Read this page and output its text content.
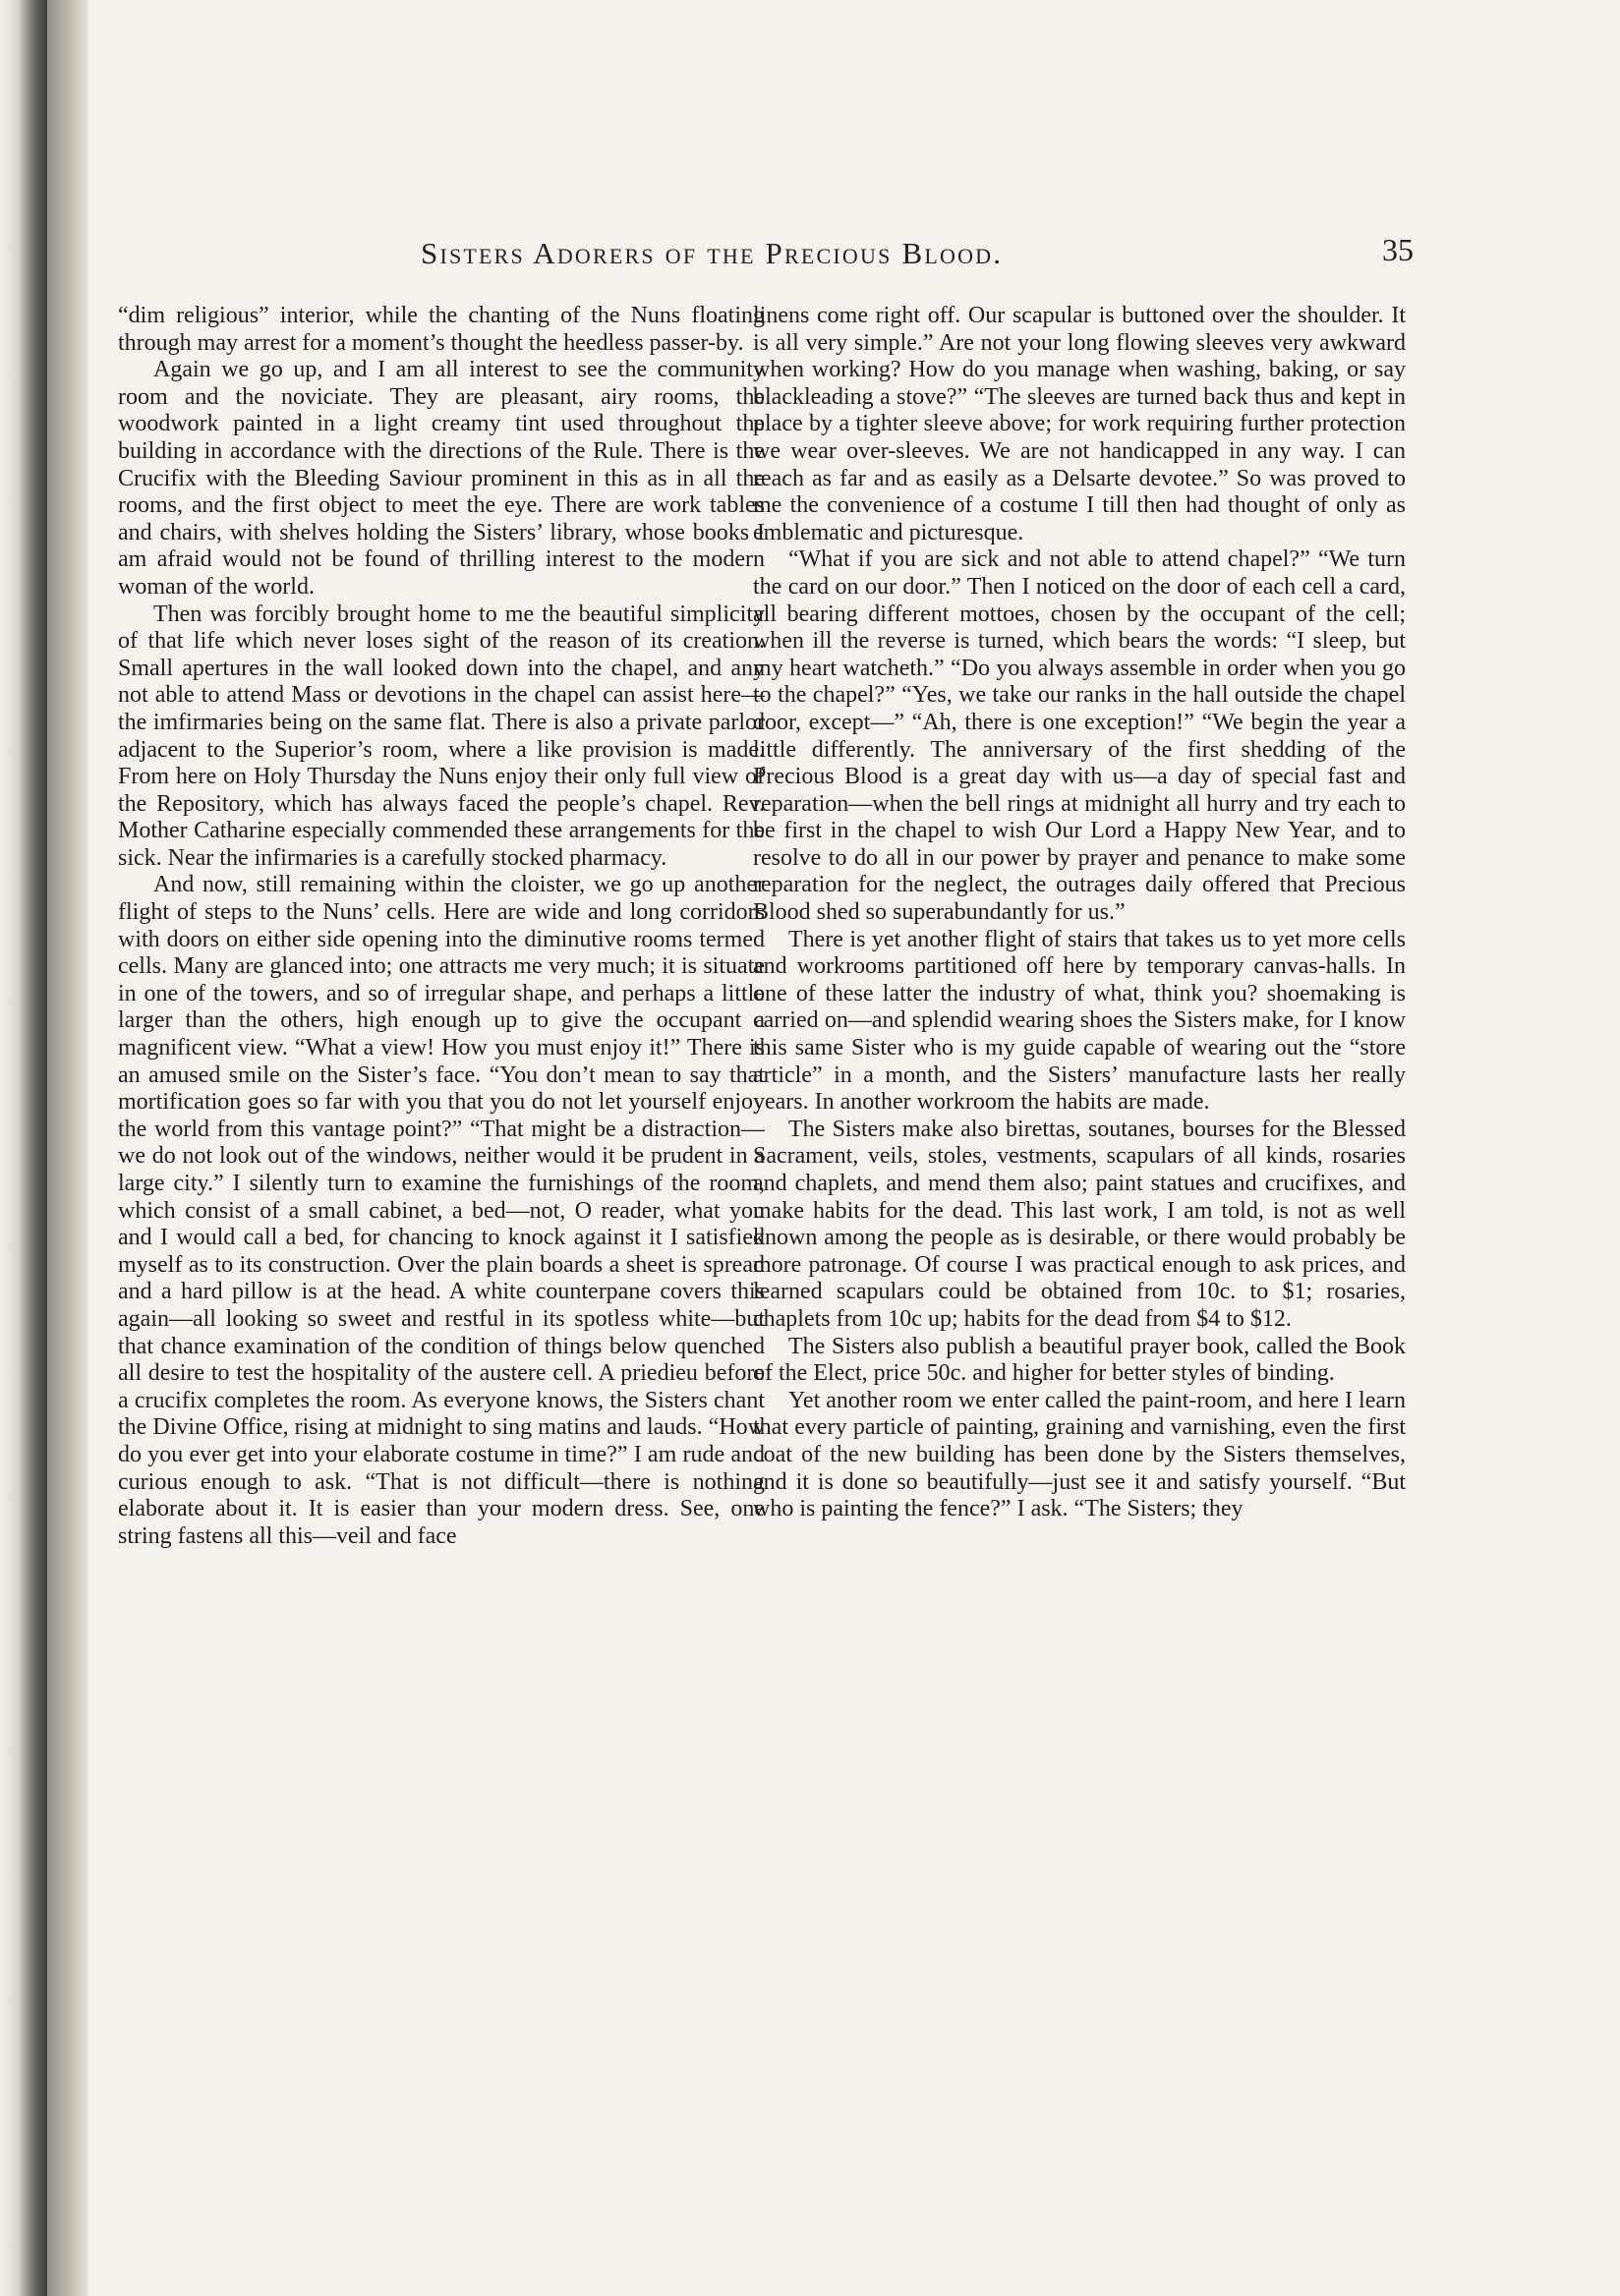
Sisters Adorers of the Precious Blood.	35

“dim religious” interior, while the chanting of the Nuns floating through may arrest for a moment’s thought the heedless passer-by.

Again we go up, and I am all interest to see the community room and the noviciate. They are pleasant, airy rooms, the woodwork painted in a light creamy tint used throughout the building in accordance with the directions of the Rule. There is the Crucifix with the Bleeding Saviour prominent in this as in all the rooms, and the first object to meet the eye. There are work tables and chairs, with shelves holding the Sisters’ library, whose books I am afraid would not be found of thrilling interest to the modern woman of the world.

Then was forcibly brought home to me the beautiful simplicity of that life which never loses sight of the reason of its creation. Small apertures in the wall looked down into the chapel, and any not able to attend Mass or devotions in the chapel can assist here—the imfirmaries being on the same flat. There is also a private parlor adjacent to the Superior’s room, where a like provision is made. From here on Holy Thursday the Nuns enjoy their only full view of the Repository, which has always faced the people’s chapel. Rev. Mother Catharine especially commended these arrangements for the sick. Near the infirmaries is a carefully stocked pharmacy.

And now, still remaining within the cloister, we go up another flight of steps to the Nuns’ cells. Here are wide and long corridors with doors on either side opening into the diminutive rooms termed cells. Many are glanced into; one attracts me very much; it is situate in one of the towers, and so of irregular shape, and perhaps a little larger than the others, high enough up to give the occupant a magnificent view. “What a view! How you must enjoy it!” There is an amused smile on the Sister’s face. “You don’t mean to say that mortification goes so far with you that you do not let yourself enjoy the world from this vantage point?” “That might be a distraction—we do not look out of the windows, neither would it be prudent in a large city.” I silently turn to examine the furnishings of the room, which consist of a small cabinet, a bed—not, O reader, what you and I would call a bed, for chancing to knock against it I satisfied myself as to its construction. Over the plain boards a sheet is spread and a hard pillow is at the head. A white counterpane covers this again—all looking so sweet and restful in its spotless white—but that chance examination of the condition of things below quenched all desire to test the hospitality of the austere cell. A priedieu before a crucifix completes the room. As everyone knows, the Sisters chant the Divine Office, rising at midnight to sing matins and lauds. “How do you ever get into your elaborate costume in time?” I am rude and curious enough to ask. “That is not difficult—there is nothing elaborate about it. It is easier than your modern dress. See, one string fastens all this—veil and face

linens come right off. Our scapular is buttoned over the shoulder. It is all very simple.” Are not your long flowing sleeves very awkward when working? How do you manage when washing, baking, or say blackleading a stove?” “The sleeves are turned back thus and kept in place by a tighter sleeve above; for work requiring further protection we wear over-sleeves. We are not handicapped in any way. I can reach as far and as easily as a Delsarte devotee.” So was proved to me the convenience of a costume I till then had thought of only as emblematic and picturesque.

“What if you are sick and not able to attend chapel?” “We turn the card on our door.” Then I noticed on the door of each cell a card, all bearing different mottoes, chosen by the occupant of the cell; when ill the reverse is turned, which bears the words: “I sleep, but my heart watcheth.” “Do you always assemble in order when you go to the chapel?” “Yes, we take our ranks in the hall outside the chapel door, except—” “Ah, there is one exception!” “We begin the year a little differently. The anniversary of the first shedding of the Precious Blood is a great day with us—a day of special fast and reparation—when the bell rings at midnight all hurry and try each to be first in the chapel to wish Our Lord a Happy New Year, and to resolve to do all in our power by prayer and penance to make some reparation for the neglect, the outrages daily offered that Precious Blood shed so superabundantly for us.”

There is yet another flight of stairs that takes us to yet more cells and workrooms partitioned off here by temporary canvas-halls. In one of these latter the industry of what, think you? shoemaking is carried on—and splendid wearing shoes the Sisters make, for I know this same Sister who is my guide capable of wearing out the “store article” in a month, and the Sisters’ manufacture lasts her really years. In another workroom the habits are made.

The Sisters make also birettas, soutanes, bourses for the Blessed Sacrament, veils, stoles, vestments, scapulars of all kinds, rosaries and chaplets, and mend them also; paint statues and crucifixes, and make habits for the dead. This last work, I am told, is not as well known among the people as is desirable, or there would probably be more patronage. Of course I was practical enough to ask prices, and learned scapulars could be obtained from 10c. to $1; rosaries, chaplets from 10c up; habits for the dead from $4 to $12.

The Sisters also publish a beautiful prayer book, called the Book of the Elect, price 50c. and higher for better styles of binding.

Yet another room we enter called the paint-room, and here I learn that every particle of painting, graining and varnishing, even the first coat of the new building has been done by the Sisters themselves, and it is done so beautifully—just see it and satisfy yourself. “But who is painting the fence?” I ask. “The Sisters; they
